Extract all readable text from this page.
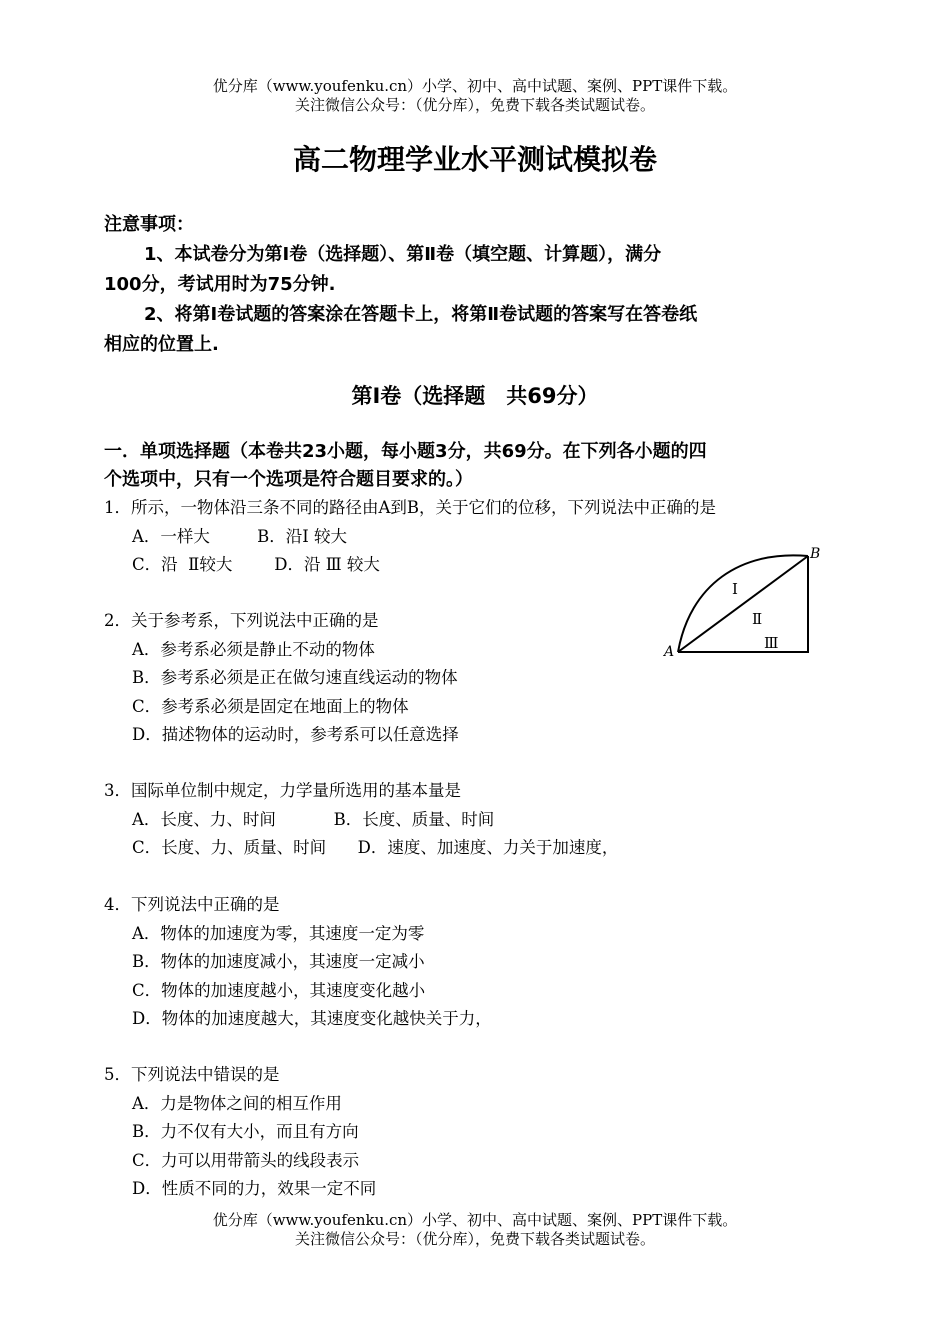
优分库（www.youfenku.cn）小学、初中、高中试题、案例、PPT课件下载。
关注微信公众号：（优分库），免费下载各类试题试卷。
高二物理学业水平测试模拟卷
注意事项：
1、本试卷分为第Ⅰ卷（选择题）、第Ⅱ卷（填空题、计算题），满分
100分，考试用时为75分钟.
2、将第Ⅰ卷试题的答案涂在答题卡上，将第Ⅱ卷试题的答案写在答卷纸
相应的位置上.
第Ⅰ卷（选择题　共69分）
一．单项选择题（本卷共23小题，每小题3分，共69分。在下列各小题的四
个选项中，只有一个选项是符合题目要求的。）
1．所示，一物体沿三条不同的路径由A到B，关于它们的位移，下列说法中正确的是
A．一样大         B．沿Ⅰ 较大
C．沿  Ⅱ较大        D．沿 Ⅲ 较大
A
B
Ⅰ
Ⅱ
Ⅲ
2．关于参考系，下列说法中正确的是
A．参考系必须是静止不动的物体
B．参考系必须是正在做匀速直线运动的物体
C．参考系必须是固定在地面上的物体
D．描述物体的运动时，参考系可以任意选择
3．国际单位制中规定，力学量所选用的基本量是
A．长度、力、时间           B．长度、质量、时间
C．长度、力、质量、时间      D．速度、加速度、力关于加速度，
4．下列说法中正确的是
A．物体的加速度为零，其速度一定为零
B．物体的加速度减小，其速度一定减小
C．物体的加速度越小，其速度变化越小
D．物体的加速度越大，其速度变化越快关于力，
5．下列说法中错误的是
A．力是物体之间的相互作用
B．力不仅有大小，而且有方向
C．力可以用带箭头的线段表示
D．性质不同的力，效果一定不同
优分库（www.youfenku.cn）小学、初中、高中试题、案例、PPT课件下载。
关注微信公众号：（优分库），免费下载各类试题试卷。
